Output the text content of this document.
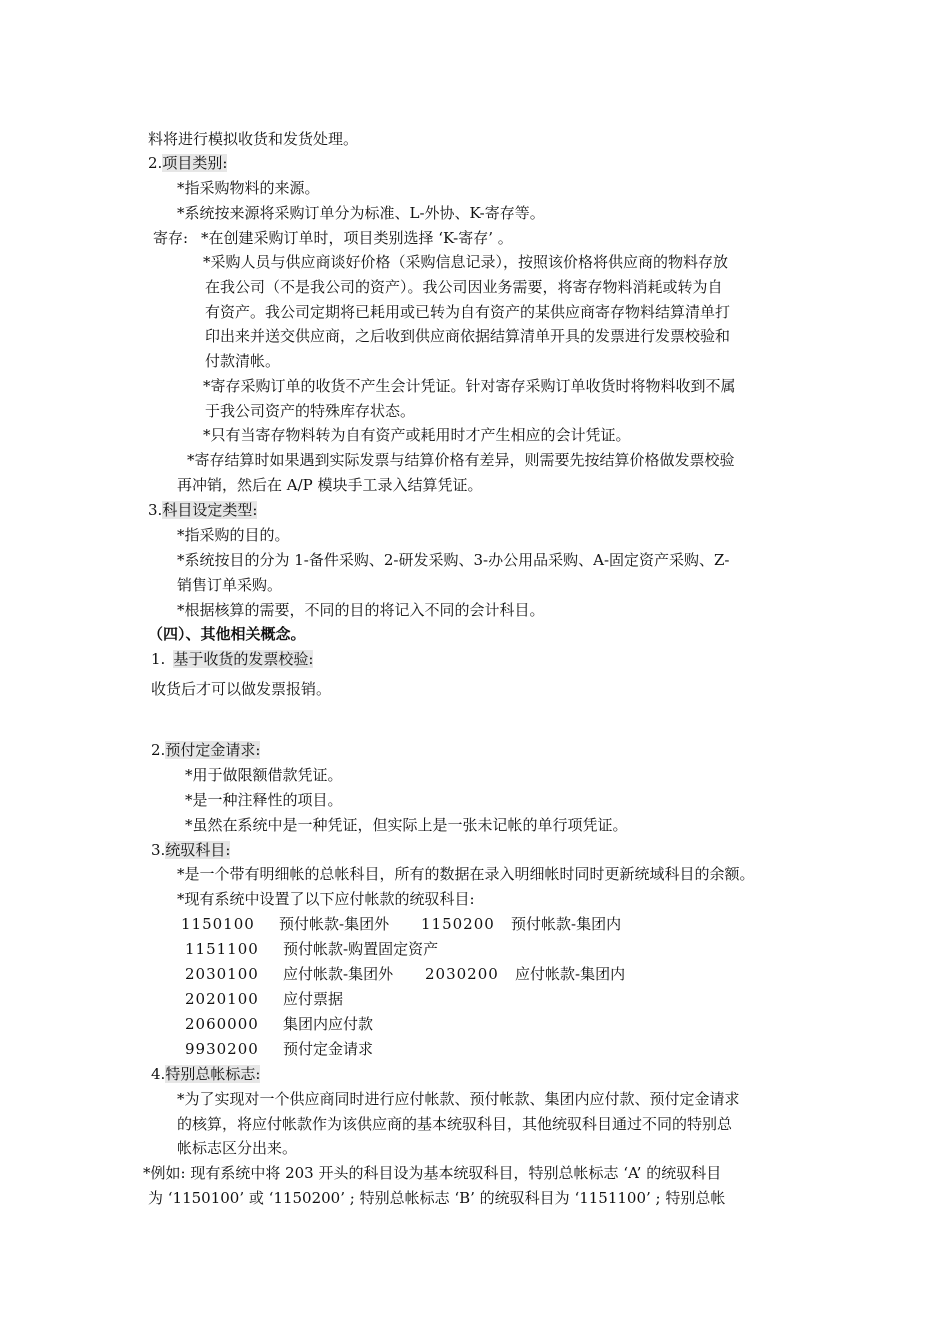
料将进行模拟收货和发货处理。
2.项目类别:
*指采购物料的来源。
*系统按来源将采购订单分为标准、L-外协、K-寄存等。
寄存: *在创建采购订单时，项目类别选择 ‘K-寄存’ 。
*采购人员与供应商谈好价格（采购信息记录），按照该价格将供应商的物料存放
在我公司（不是我公司的资产）。我公司因业务需要，将寄存物料消耗或转为自
有资产。我公司定期将已耗用或已转为自有资产的某供应商寄存物料结算清单打
印出来并送交供应商，之后收到供应商依据结算清单开具的发票进行发票校验和
付款清帐。
*寄存采购订单的收货不产生会计凭证。针对寄存采购订单收货时将物料收到不属
于我公司资产的特殊库存状态。
*只有当寄存物料转为自有资产或耗用时才产生相应的会计凭证。
*寄存结算时如果遇到实际发票与结算价格有差异，则需要先按结算价格做发票校验
再冲销，然后在 A/P 模块手工录入结算凭证。
3.科目设定类型:
*指采购的目的。
*系统按目的分为 1-备件采购、2-研发采购、3-办公用品采购、A-固定资产采购、Z-
销售订单采购。
*根据核算的需要，不同的目的将记入不同的会计科目。
（四）、其他相关概念。
1. 基于收货的发票校验:
收货后才可以做发票报销。
2.预付定金请求:
*用于做限额借款凭证。
*是一种注释性的项目。
*虽然在系统中是一种凭证，但实际上是一张未记帐的单行项凭证。
3.统驭科目:
*是一个带有明细帐的总帐科目，所有的数据在录入明细帐时同时更新统域科目的余额。
*现有系统中设置了以下应付帐款的统驭科目:
1150100 预付帐款-集团外 1150200 预付帐款-集团内
1151100 预付帐款-购置固定资产
2030100 应付帐款-集团外 2030200 应付帐款-集团内
2020100 应付票据
2060000 集团内应付款
9930200 预付定金请求
4.特别总帐标志:
*为了实现对一个供应商同时进行应付帐款、预付帐款、集团内应付款、预付定金请求
的核算，将应付帐款作为该供应商的基本统驭科目，其他统驭科目通过不同的特别总
帐标志区分出来。
*例如: 现有系统中将 203 开头的科目设为基本统驭科目，特别总帐标志 ‘A’ 的统驭科目
为 ‘1150100’ 或 ‘1150200’ ; 特别总帐标志 ‘B’ 的统驭科目为 ‘1151100’ ; 特别总帐
